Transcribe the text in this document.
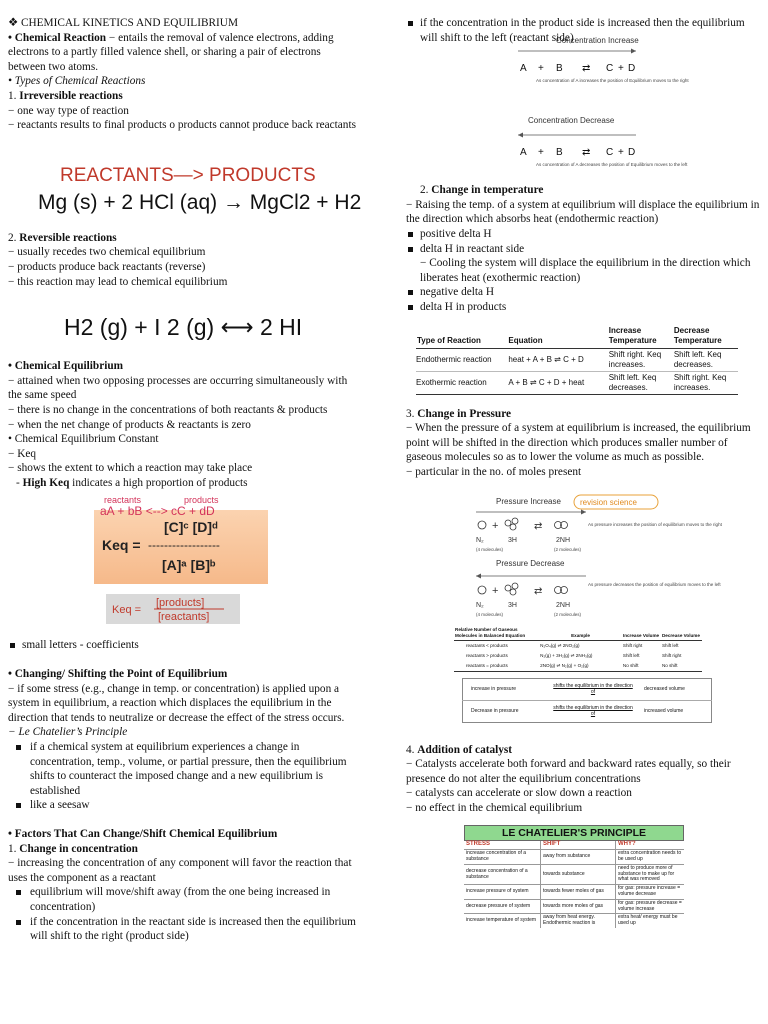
❖ CHEMICAL KINETICS AND EQUILIBRIUM

• Chemical Reaction − entails the removal of valence electrons, adding electrons to a partly filled valence shell, or sharing a pair of electrons between two atoms.

• Types of Chemical Reactions

1. Irreversible reactions

− one way type of reaction

− reactants results to final products o products cannot produce back reactants

REACTANTS—> PRODUCTS
Mg (s) + 2 HCl (aq) → MgCl2 + H2

2. Reversible reactions

− usually recedes two chemical equilibrium

− products produce back reactants (reverse)

− this reaction may lead to chemical equilibrium

H2 (g) + I 2 (g) ⟷ 2 HI

• Chemical Equilibrium

− attained when two opposing processes are occurring simultaneously with the same speed

− there is no change in the concentrations of both reactants & products

− when the net change of products & reactants is zero

• Chemical Equilibrium Constant

− Keq

− shows the extent to which a reaction may take place

- High Keq indicates a high proportion of products

reactants	products
aA + bB <--> cC + dD
[C]ᶜ [D]ᵈ
Keq = ------------------
[A]ᵃ [B]ᵇ
Keq =
[products]
[reactants]

small letters - coefficients

• Changing/ Shifting the Point of Equilibrium

− if some stress (e.g., change in temp. or concentration) is applied upon a system in equilibrium, a reaction which displaces the equilibrium in the direction that tends to neutralize or decrease the effect of the stress occurs.

− Le Chatelier’s Principle

if a chemical system at equilibrium experiences a change in concentration, temp., volume, or partial pressure, then the equilibrium shifts to counteract the imposed change and a new equilibrium is established

like a seesaw

• Factors That Can Change/Shift Chemical Equilibrium

1. Change in concentration

− increasing the concentration of any component will favor the reaction that uses the component as a reactant

equilibrium will move/shift away (from the one being increased in concentration)

if the concentration in the reactant side is increased then the equilibrium will shift to the right (product side)

if the concentration in the product side is increased then the equilibrium will shift to the left (reactant side)

Concentration Increase
A + B ⇄ C + D
As concentration of A increases the position of Equilibrium moves to the right
Concentration Decrease
A + B ⇄ C + D
As concentration of A decreases the position of Equilibrium moves to the left

2. Change in temperature

− Raising the temp. of a system at equilibrium will displace the equilibrium in the direction which absorbs heat (endothermic reaction)

positive delta H

delta H in reactant side

− Cooling the system will displace the equilibrium in the direction which liberates heat (exothermic reaction)

negative delta H

delta H in products

Type of Reaction	Equation	Increase Temperature	Decrease Temperature
Endothermic reaction	heat + A + B ⇌ C + D	Shift right. Keq increases.	Shift left. Keq decreases.
Exothermic reaction	A + B ⇌ C + D + heat	Shift left. Keq decreases.	Shift right. Keq increases.

3. Change in Pressure

− When the pressure of a system at equilibrium is increased, the equilibrium point will be shifted in the direction which produces smaller number of gaseous molecules so as to lower the volume as much as possible.

− particular in the no. of moles present

Pressure Increase revision science
+	⇄
N₂	3H	2NH
(4 molecules)	(2 molecules)
As pressure increases the position of equilibrium moves to the right
Pressure Decrease
+	⇄
N₂	3H	2NH
(4 molecules)	(2 molecules)
As pressure decreases the position of equilibrium moves to the left
Relative Number of Gaseous Molecules in Balanced Equation	Example	Increase Volume	Decrease Volume
reactants < products	N₂O₄(g) ⇌ 2NO₂(g)	Shift right	Shift left
reactants > products	N₂(g) + 3H₂(g) ⇌ 2NH₃(g)	Shift left	Shift right
reactants = products	2NO(g) ⇌ N₂(g) + O₂(g)	No shift	No shift
increase in pressure	shifts the equilibrium in the direction of	decreased volume
Decrease in pressure	shifts the equilibrium in the direction of	increased volume

4. Addition of catalyst

− Catalysts accelerate both forward and backward rates equally, so their presence do not alter the equilibrium concentrations

− catalysts can accelerate or slow down a reaction

− no effect in the chemical equilibrium

LE CHATELIER'S PRINCIPLE
STRESS	SHIFT	WHY?
increase concentration of a substance	away from substance	extra concentration needs to be used up
decrease concentration of a substance	towards substance	need to produce more of substance to make up for what was removed
increase pressure of system	towards fewer moles of gas	for gas: pressure increase = volume decrease
decrease pressure of system	towards more moles of gas	for gas: pressure decrease = volume increase
increase temperature of system	away from heat energy. Endothermic reaction is	extra heat/ energy must be used up
